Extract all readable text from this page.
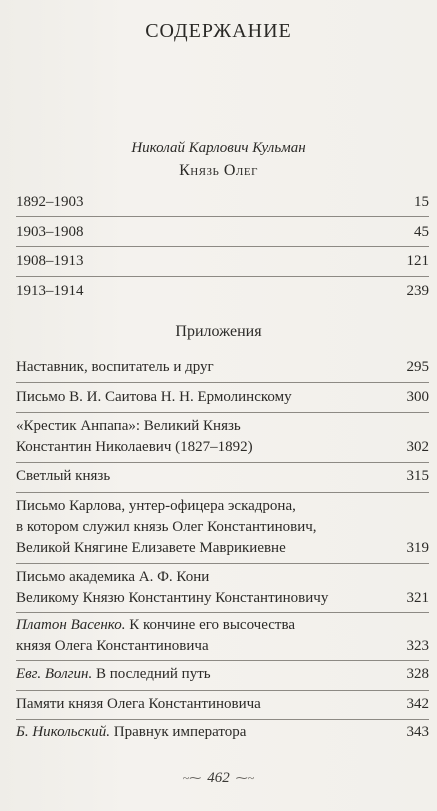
СОДЕРЖАНИЕ
Николай Карлович Кульман
Князь Олег
1892–1903	15
1903–1908	45
1908–1913	121
1913–1914	239
Приложения
Наставник, воспитатель и друг	295
Письмо В. И. Саитова Н. Н. Ермолинскому	300
«Крестик Анпапа»: Великий Князь
Константин Николаевич (1827–1892)	302
Светлый князь	315
Письмо Карлова, унтер-офицера эскадрона,
в котором служил князь Олег Константинович,
Великой Княгине Елизавете Маврикиевне	319
Письмо академика А. Ф. Кони
Великому Князю Константину Константиновичу	321
Платон Васенко. К кончине его высочества
князя Олега Константиновича	323
Евг. Волгин. В последний путь	328
Памяти князя Олега Константиновича	342
Б. Никольский. Правнук императора	343
~⁓ 462 ⁓~
